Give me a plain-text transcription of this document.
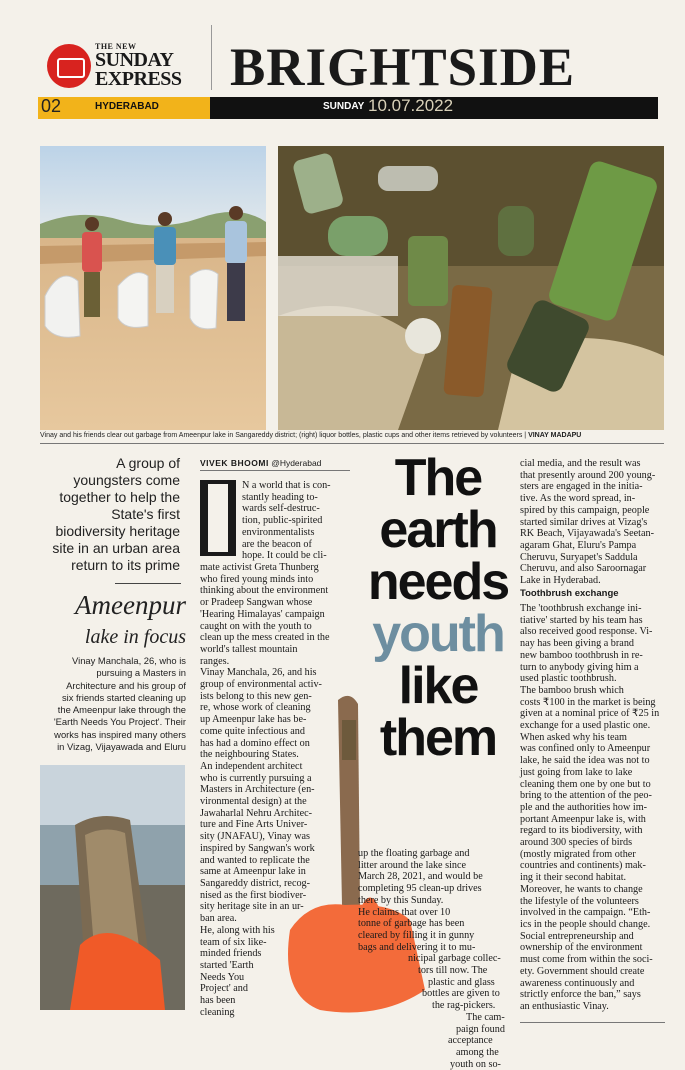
THE NEW
SUNDAY
EXPRESS BRIGHTSIDE
02	HYDERABAD	SUNDAY 10.07.2022
Vinay and his friends clear out garbage from Ameenpur lake in Sangareddy district; (right) liquor bottles, plastic cups and other items retrieved by volunteers | VINAY MADAPU
A group of
youngsters come
together to help the
State's first
biodiversity heritage
site in an urban area
return to its prime
Ameenpur
lake in focus
Vinay Manchala, 26, who is
pursuing a Masters in
Architecture and his group of
six friends started cleaning up
the Ameenpur lake through the
'Earth Needs You Project'. Their
works has inspired many others
in Vizag, Vijayawada and Eluru
VIVEK BHOOMI @Hyderabad
N a world that is con-
stantly heading to-
wards self-destruc-
tion, public-spirited
environmentalists
are the beacon of
hope. It could be cli-
mate activist Greta Thunberg
who fired young minds into
thinking about the environment
or Pradeep Sangwan whose
'Hearing Himalayas' campaign
caught on with the youth to
clean up the mess created in the
world's tallest mountain
ranges.
Vinay Manchala, 26, and his
group of environmental activ-
ists belong to this new gen-
re, whose work of cleaning
up Ameenpur lake has be-
come quite infectious and
has had a domino effect on
the neighbouring States.
An independent architect
who is currently pursuing a
Masters in Architecture (en-
vironmental design) at the
Jawaharlal Nehru Architec-
ture and Fine Arts Univer-
sity (JNAFAU), Vinay was
inspired by Sangwan's work
and wanted to replicate the
same at Ameenpur lake in
Sangareddy district, recog-
nised as the first biodiver-
sity heritage site in an ur-
ban area.
He, along with his
team of six like-
minded friends
started 'Earth
Needs You
Project' and
has been
cleaning
The
earth
needs
youth
like
them
up the floating garbage and
litter around the lake since
March 28, 2021, and would be
completing 95 clean-up drives
there by this Sunday.
He claims that over 10
tonne of garbage has been
cleared by filling it in gunny
bags and delivering it to mu-
nicipal garbage collec-
tors till now. The
plastic and glass
bottles are given to
the rag-pickers.
The cam-
paign found
acceptance
among the
youth on so-
cial media, and the result was
that presently around 200 young-
sters are engaged in the initia-
tive. As the word spread, in-
spired by this campaign, people
started similar drives at Vizag's
RK Beach, Vijayawada's Seetan-
agaram Ghat, Eluru's Pampa
Cheruvu, Suryapet's Saddula
Cheruvu, and also Saroornagar
Lake in Hyderabad.
Toothbrush exchange
The 'toothbrush exchange ini-
tiative' started by his team has
also received good response. Vi-
nay has been giving a brand
new bamboo toothbrush in re-
turn to anybody giving him a
used plastic toothbrush.
The bamboo brush which
costs ₹100 in the market is being
given at a nominal price of ₹25 in
exchange for a used plastic one.
When asked why his team
was confined only to Ameenpur
lake, he said the idea was not to
just going from lake to lake
cleaning them one by one but to
bring to the attention of the peo-
ple and the authorities how im-
portant Ameenpur lake is, with
regard to its biodiversity, with
around 300 species of birds
(mostly migrated from other
countries and continents) mak-
ing it their second habitat.
Moreover, he wants to change
the lifestyle of the volunteers
involved in the campaign. “Eth-
ics in the people should change.
Social entrepreneurship and
ownership of the environment
must come from within the soci-
ety. Government should create
awareness continuously and
strictly enforce the ban,” says
an enthusiastic Vinay.
